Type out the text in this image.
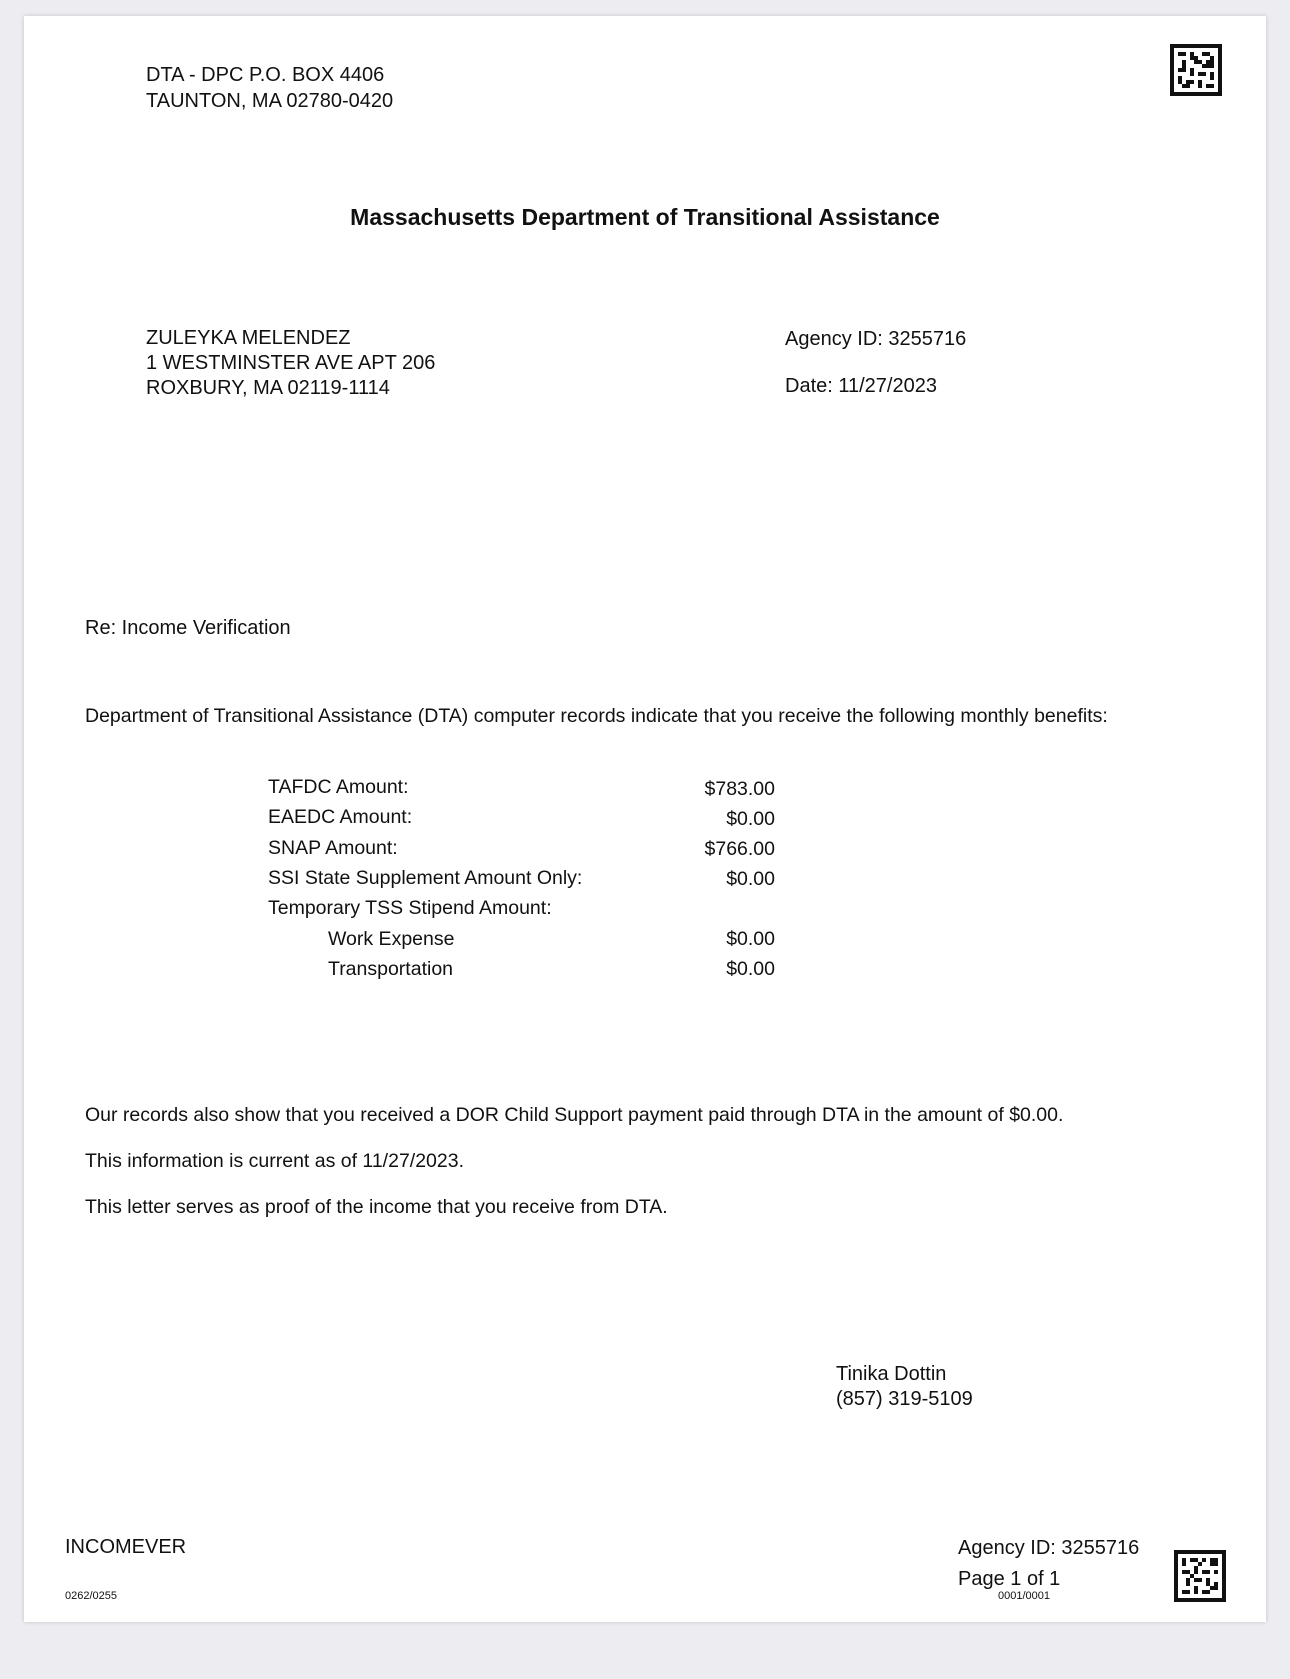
DTA - DPC P.O. BOX 4406
TAUNTON, MA 02780-0420
Massachusetts Department of Transitional Assistance
ZULEYKA MELENDEZ
1 WESTMINSTER AVE APT 206
ROXBURY, MA 02119-1114
Agency ID: 3255716
Date: 11/27/2023
Re: Income Verification
Department of Transitional Assistance (DTA) computer records indicate that you receive the following monthly benefits:
TAFDC Amount:	$783.00
EAEDC Amount:	$0.00
SNAP Amount:	$766.00
SSI State Supplement Amount Only:	$0.00
Temporary TSS Stipend Amount:
Work Expense	$0.00
Transportation	$0.00
Our records also show that you received a DOR Child Support payment paid through DTA in the amount of $0.00.
This information is current as of 11/27/2023.
This letter serves as proof of the income that you receive from DTA.
Tinika Dottin
(857) 319-5109
INCOMEVER
0262/0255
Agency ID: 3255716
Page 1 of 1
0001/0001
